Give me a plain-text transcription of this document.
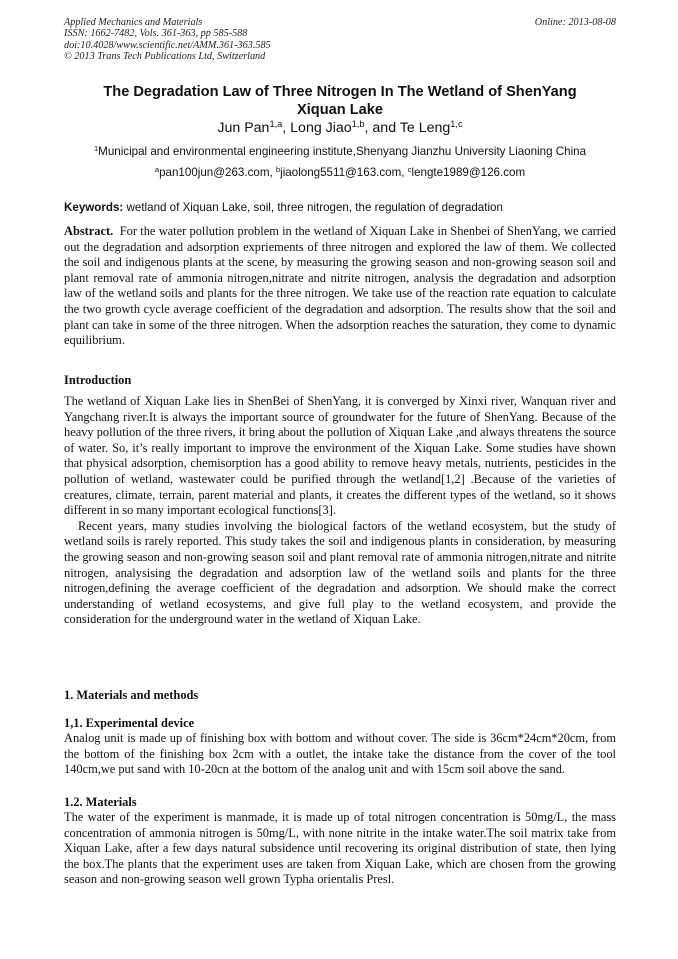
Applied Mechanics and Materials
ISSN: 1662-7482, Vols. 361-363, pp 585-588
doi:10.4028/www.scientific.net/AMM.361-363.585
© 2013 Trans Tech Publications Ltd, Switzerland
Online: 2013-08-08
The Degradation Law of Three Nitrogen In The Wetland of ShenYang
Xiquan Lake
Jun Pan$^{1,a}$, Long Jiao$^{1,b}$, and Te Leng$^{1,c}$
$^1$Municipal and environmental engineering institute,Shenyang Jianzhu University Liaoning China
$^a$pan100jun@263.com, $^b$jiaolong5511@163.com, $^c$lengte1989@126.com
Keywords: wetland of Xiquan Lake, soil, three nitrogen, the regulation of degradation
Abstract.  For the water pollution problem in the wetland of Xiquan Lake in Shenbei of ShenYang, we carried out the degradation and adsorption expriements of three nitrogen and explored the law of them. We collected the soil and indigenous plants at the scene, by measuring the growing season and non-growing season soil and plant removal rate of ammonia nitrogen,nitrate and nitrite nitrogen, analysis the degradation and adsorption law of the wetland soils and plants for the three nitrogen. We take use of the reaction rate equation to calculate the two growth cycle average coefficient of the degradation and adsorption. The results show that the soil and plant can take in some of the three nitrogen. When the adsorption reaches the saturation, they come to dynamic equilibrium.
Introduction

The wetland of Xiquan Lake lies in ShenBei of ShenYang, it is converged by Xinxi river, Wanquan river and Yangchang river.It is always the important source of groundwater for the future of ShenYang. Because of the heavy pollution of the three rivers, it bring about the pollution of Xiquan Lake ,and always threatens the source of water. So, it’s really important to improve the environment of the Xiquan Lake. Some studies have shown that physical adsorption, chemisorption has a good ability to remove heavy metals, nutrients, pesticides in the pollution of wetland, wastewater could be purified through the wetland[1,2] .Because of the varieties of creatures, climate, terrain, parent material and plants, it creates the different types of the wetland, so it shows different in so many important ecological functions[3].

Recent years, many studies involving the biological factors of the wetland ecosystem, but the study of wetland soils is rarely reported. This study takes the soil and indigenous plants in consideration, by measuring the growing season and non-growing season soil and plant removal rate of ammonia nitrogen,nitrate and nitrite nitrogen, analysising the degradation and adsorption law of the wetland soils and plants for the three nitrogen,defining the average coefficient of the degradation and adsorption. We should make the correct understanding of wetland ecosystems, and give full play to the wetland ecosystem, and provide the consideration for the underground water in the wetland of Xiquan Lake.

1. Materials and methods
1,1. Experimental device
Analog unit is made up of finishing box with bottom and without cover. The side is 36cm*24cm*20cm, from the bottom of the finishing box 2cm with a outlet, the intake take the distance from the cover of the tool 140cm,we put sand with 10-20cn at the bottom of the analog unit and with 15cm soil above the sand.
1.2. Materials
The water of the experiment is manmade, it is made up of total nitrogen concentration is 50mg/L, the mass concentration of ammonia nitrogen is 50mg/L, with none nitrite in the intake water.The soil matrix take from Xiquan Lake, after a few days natural subsidence until recovering its original distribution of state, then lying the box.The plants that the experiment uses are taken from Xiquan Lake, which are chosen from the growing season and non-growing season well grown Typha orientalis Presl.
